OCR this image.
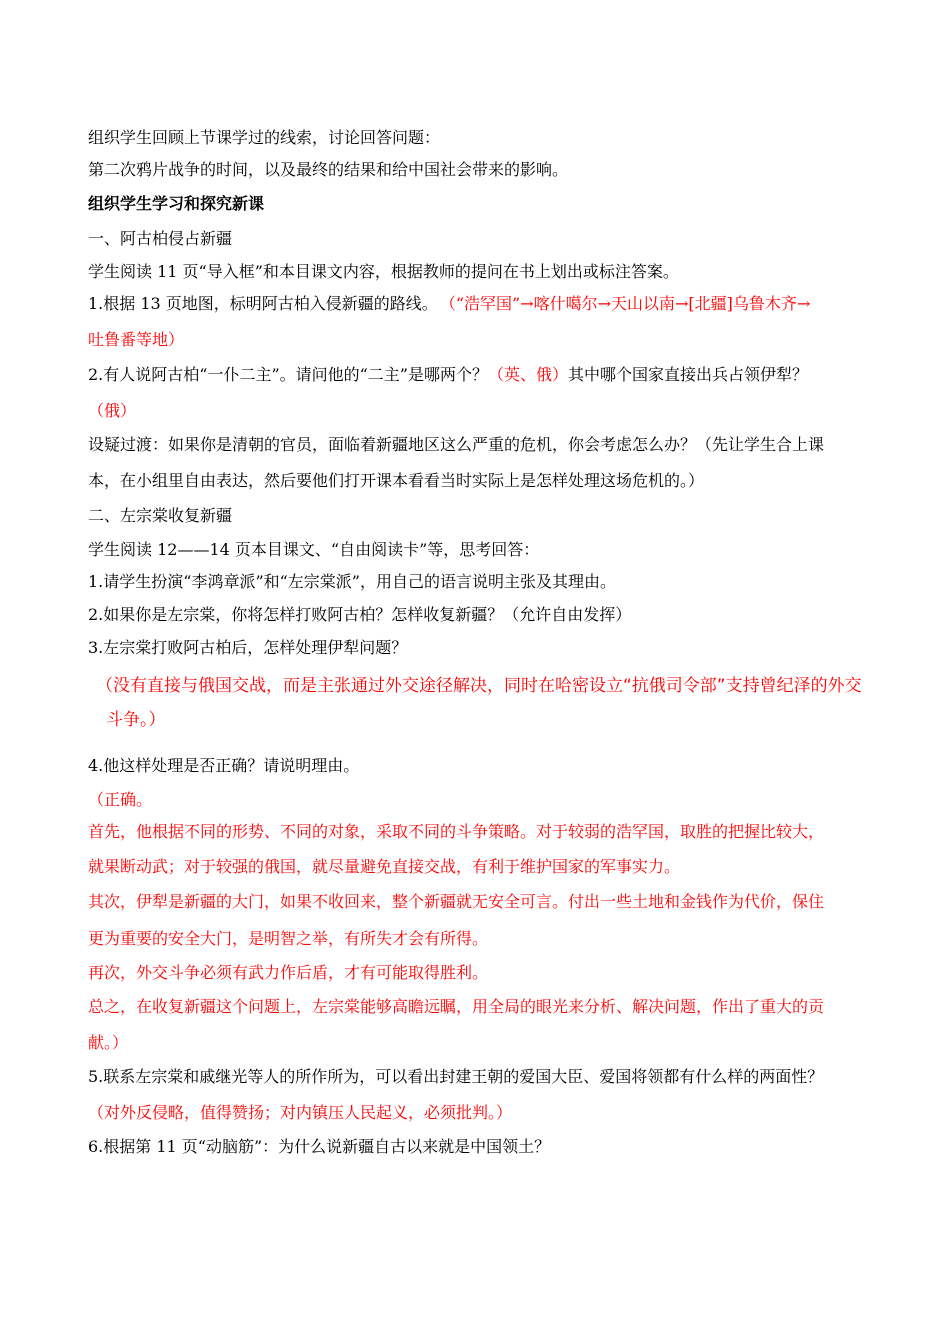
组织学生回顾上节课学过的线索，讨论回答问题：
第二次鸦片战争的时间，以及最终的结果和给中国社会带来的影响。
组织学生学习和探究新课
一、阿古柏侵占新疆
学生阅读 11 页“导入框”和本目课文内容，根据教师的提问在书上划出或标注答案。
1.根据 13 页地图，标明阿古柏入侵新疆的路线。 （“浩罕国”→喀什噶尔→天山以南→[北疆]乌鲁木齐→
吐鲁番等地）
2.有人说阿古柏“一仆二主”。请问他的“二主”是哪两个？（英、俄）其中哪个国家直接出兵占领伊犁？
（俄）
设疑过渡：如果你是清朝的官员，面临着新疆地区这么严重的危机，你会考虑怎么办？（先让学生合上课
本，在小组里自由表达，然后要他们打开课本看看当时实际上是怎样处理这场危机的。）
二、左宗棠收复新疆
学生阅读 12——14 页本目课文、“自由阅读卡”等，思考回答：
1.请学生扮演“李鸿章派”和“左宗棠派”，用自己的语言说明主张及其理由。
2.如果你是左宗棠，你将怎样打败阿古柏？怎样收复新疆？（允许自由发挥）
3.左宗棠打败阿古柏后，怎样处理伊犁问题？
（没有直接与俄国交战，而是主张通过外交途径解决，同时在哈密设立“抗俄司令部”支持曾纪泽的外交
斗争。）
4.他这样处理是否正确？请说明理由。
（正确。
首先，他根据不同的形势、不同的对象，采取不同的斗争策略。对于较弱的浩罕国，取胜的把握比较大，
就果断动武；对于较强的俄国，就尽量避免直接交战，有利于维护国家的军事实力。
其次，伊犁是新疆的大门，如果不收回来，整个新疆就无安全可言。付出一些土地和金钱作为代价，保住
更为重要的安全大门，是明智之举，有所失才会有所得。
再次，外交斗争必须有武力作后盾，才有可能取得胜利。
总之，在收复新疆这个问题上，左宗棠能够高瞻远瞩，用全局的眼光来分析、解决问题，作出了重大的贡
献。）
5.联系左宗棠和戚继光等人的所作所为，可以看出封建王朝的爱国大臣、爱国将领都有什么样的两面性？
（对外反侵略，值得赞扬；对内镇压人民起义，必须批判。）
6.根据第 11 页“动脑筋”：为什么说新疆自古以来就是中国领土？
